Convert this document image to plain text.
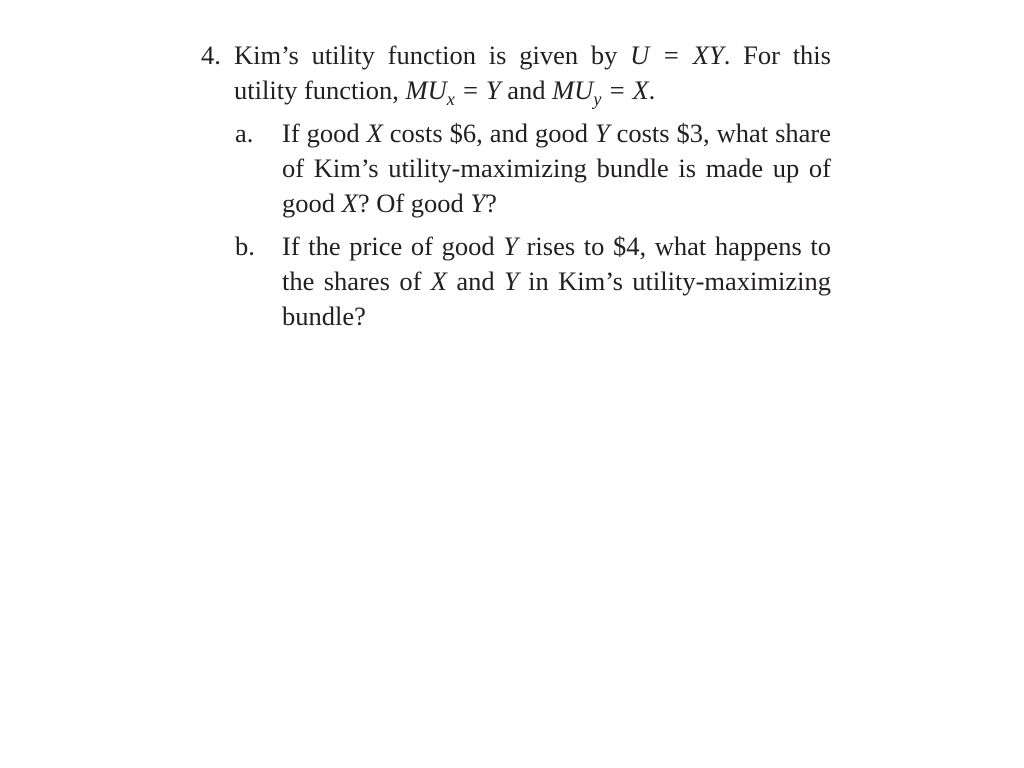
4. Kim’s utility function is given by U = XY. For this utility function, $MU_x = Y$ and $MU_y = X$.
a.	If good X costs $6, and good Y costs $3, what share of Kim’s utility-maximizing bundle is made up of good X? Of good Y?
b.	If the price of good Y rises to $4, what happens to the shares of X and Y in Kim’s utility-maximizing bundle?
